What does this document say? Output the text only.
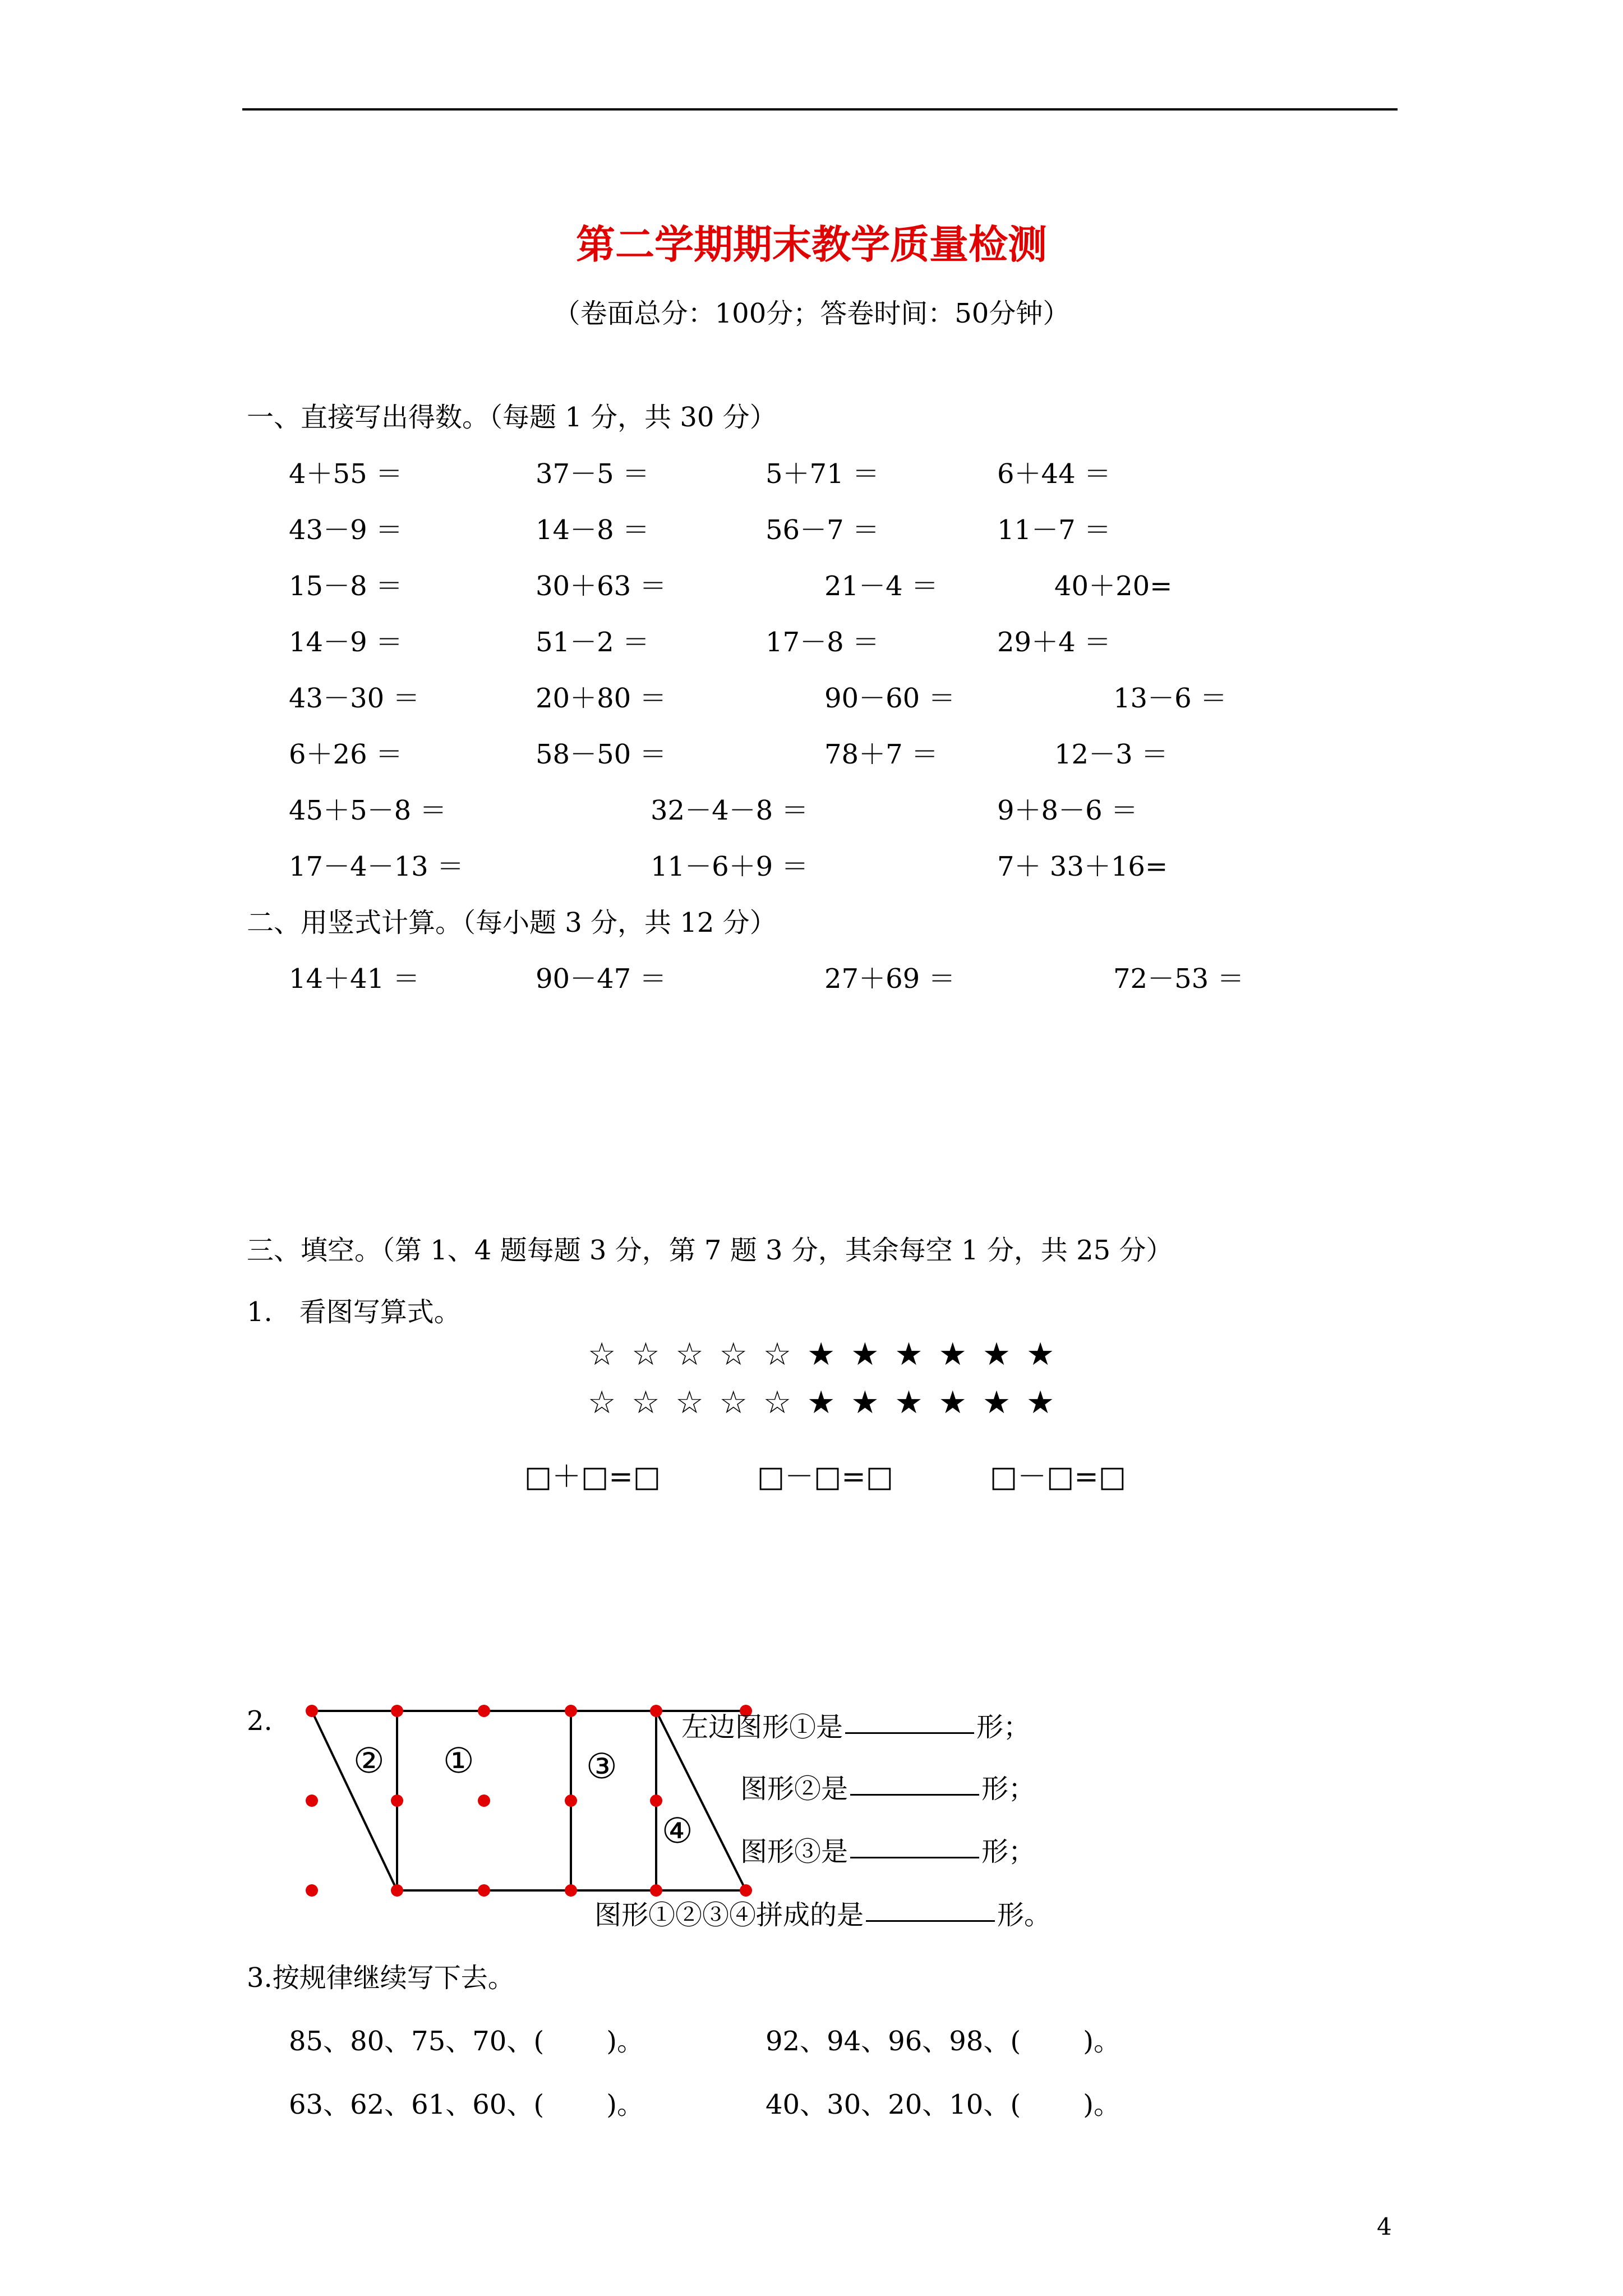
第二学期期末教学质量检测
（卷面总分：100分；答卷时间：50分钟）
一、直接写出得数。（每题 1 分，共 30 分）
4＋55 ＝	37－5 ＝	5＋71 ＝	6＋44 ＝
43－9 ＝	14－8 ＝	56－7 ＝	11－7 ＝
15－8 ＝	30＋63 ＝	21－4 ＝	40＋20=
14－9 ＝	51－2 ＝	17－8 ＝	29＋4 ＝
43－30 ＝	20＋80 ＝	90－60 ＝	13－6 ＝
6＋26 ＝	58－50 ＝	78＋7 ＝	12－3 ＝
45＋5－8 ＝	32－4－8 ＝	9＋8－6 ＝
17－4－13 ＝	11－6＋9 ＝	7＋ 33＋16=
二、用竖式计算。（每小题 3 分，共 12 分）
14＋41 ＝	90－47 ＝	27＋69 ＝	72－53 ＝
三、填空。（第 1、4 题每题 3 分，第 7 题 3 分，其余每空 1 分，共 25 分）
1.　看图写算式。
☆☆☆☆☆★★★★★★
☆☆☆☆☆★★★★★★
□＋□=□	□－□=□	□－□=□
2.
①
②	③
④
左边图形①是	形；
图形②是	形；
图形③是	形；
图形①②③④拼成的是	形。
3.按规律继续写下去。
85、80、75、70、(　　 )。	92、94、96、98、(　　 )。
63、62、61、60、(　　 )。	40、30、20、10、(　　 )。
4
